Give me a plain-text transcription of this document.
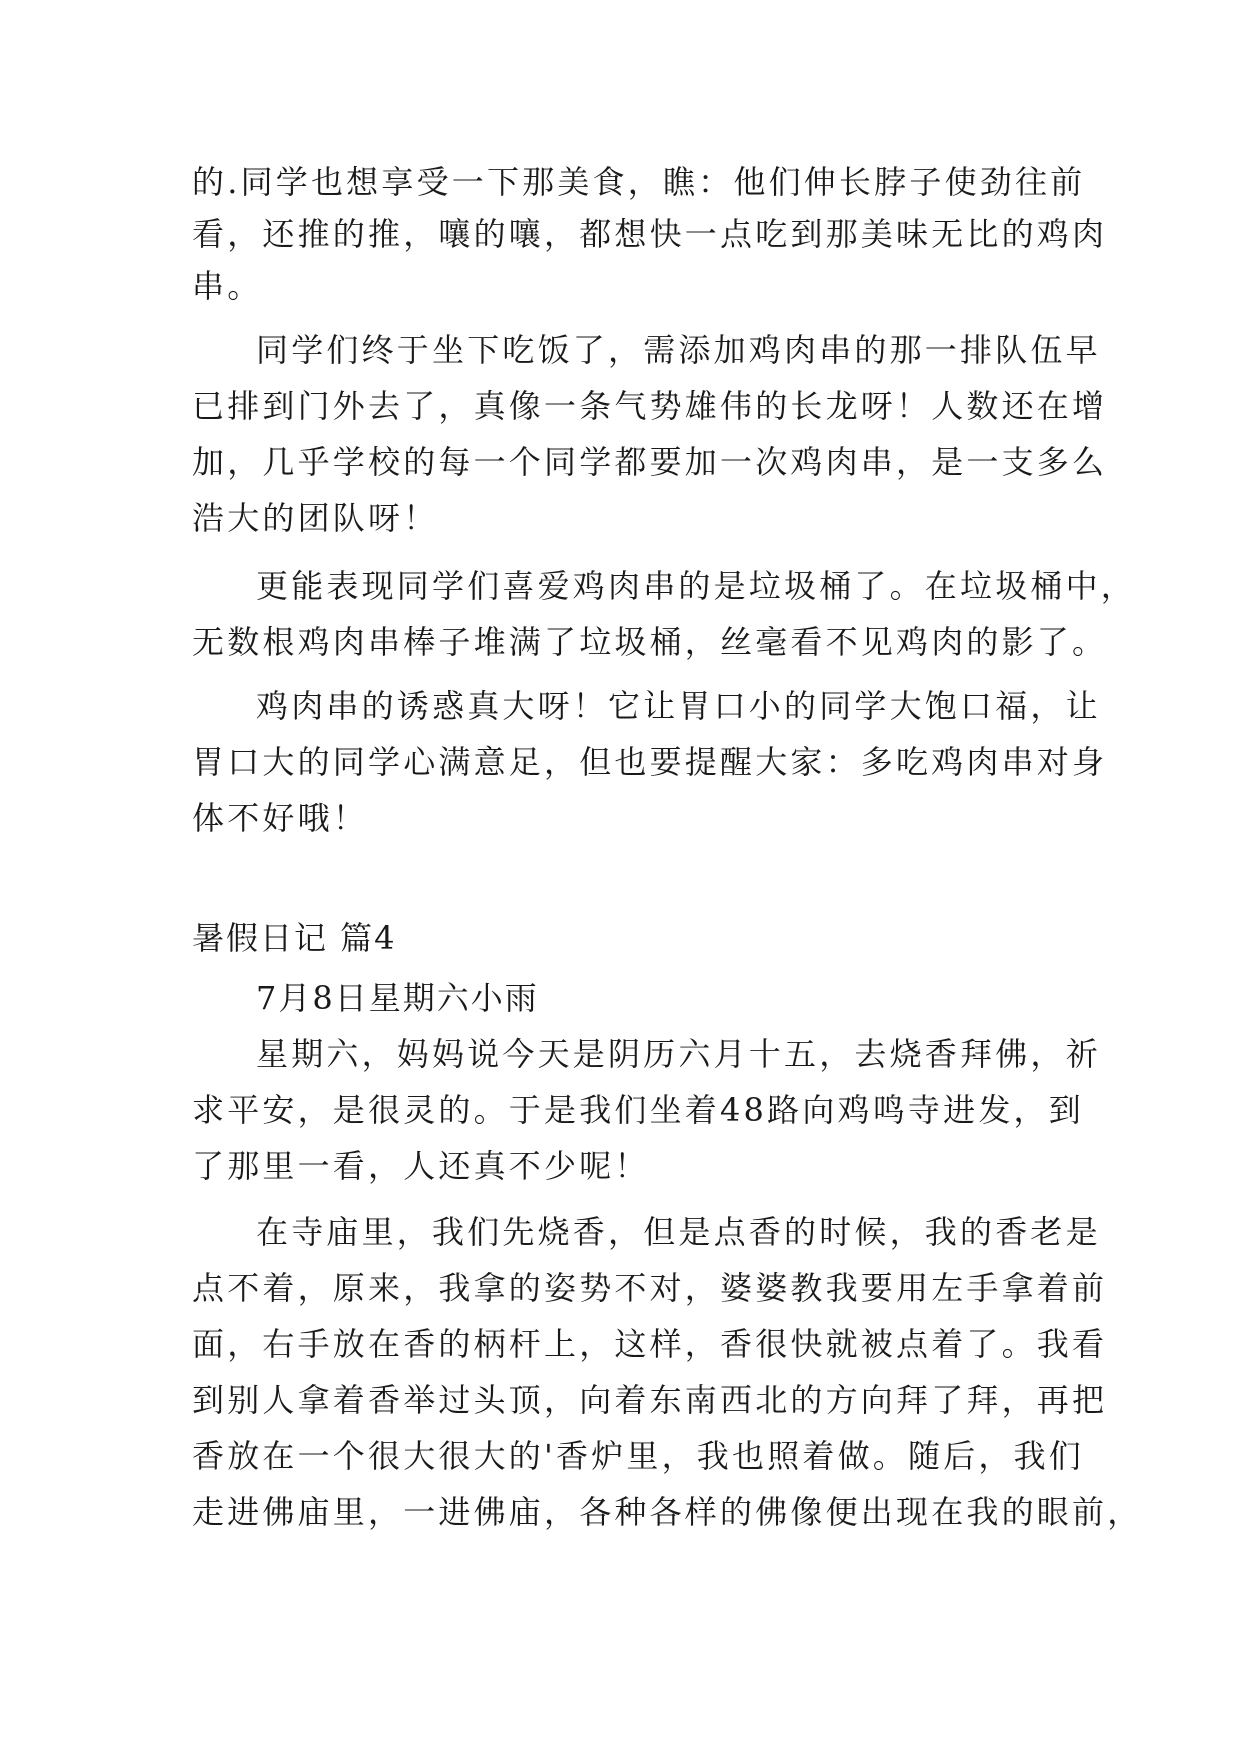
的.同学也想享受一下那美食，瞧：他们伸长脖子使劲往前
看，还推的推，嚷的嚷，都想快一点吃到那美味无比的鸡肉
串。
同学们终于坐下吃饭了，需添加鸡肉串的那一排队伍早
已排到门外去了，真像一条气势雄伟的长龙呀！人数还在增
加，几乎学校的每一个同学都要加一次鸡肉串，是一支多么
浩大的团队呀！
更能表现同学们喜爱鸡肉串的是垃圾桶了。在垃圾桶中，
无数根鸡肉串棒子堆满了垃圾桶，丝毫看不见鸡肉的影了。
鸡肉串的诱惑真大呀！它让胃口小的同学大饱口福，让
胃口大的同学心满意足，但也要提醒大家：多吃鸡肉串对身
体不好哦！
暑假日记 篇4
7月8日星期六小雨
星期六，妈妈说今天是阴历六月十五，去烧香拜佛，祈
求平安，是很灵的。于是我们坐着48路向鸡鸣寺进发，到
了那里一看，人还真不少呢！
在寺庙里，我们先烧香，但是点香的时候，我的香老是
点不着，原来，我拿的姿势不对，婆婆教我要用左手拿着前
面，右手放在香的柄杆上，这样，香很快就被点着了。我看
到别人拿着香举过头顶，向着东南西北的方向拜了拜，再把
香放在一个很大很大的'香炉里，我也照着做。随后，我们
走进佛庙里，一进佛庙，各种各样的佛像便出现在我的眼前，
